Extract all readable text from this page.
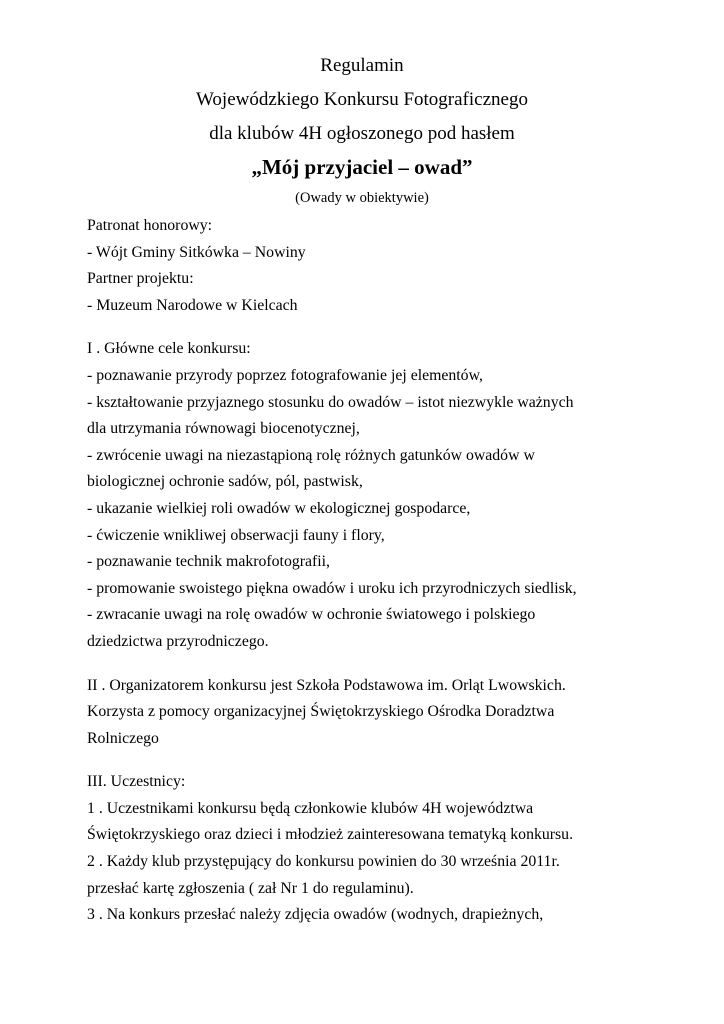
Regulamin
Wojewódzkiego Konkursu Fotograficznego
dla klubów 4H ogłoszonego pod hasłem
„Mój przyjaciel – owad”
(Owady w obiektywie)
Patronat honorowy:
- Wójt Gminy Sitkówka – Nowiny
Partner projektu:
- Muzeum Narodowe w Kielcach
I . Główne cele konkursu:
- poznawanie przyrody poprzez fotografowanie jej elementów,
- kształtowanie przyjaznego stosunku do owadów – istot niezwykle ważnych
dla utrzymania równowagi biocenotycznej,
- zwrócenie uwagi na niezastąpioną rolę różnych gatunków owadów w
biologicznej ochronie sadów, pól, pastwisk,
- ukazanie wielkiej roli owadów w ekologicznej gospodarce,
- ćwiczenie wnikliwej obserwacji fauny i flory,
- poznawanie technik makrofotografii,
- promowanie swoistego piękna owadów i uroku ich przyrodniczych siedlisk,
- zwracanie uwagi na rolę owadów w ochronie światowego i polskiego
dziedzictwa przyrodniczego.
II . Organizatorem konkursu jest Szkoła Podstawowa im. Orląt Lwowskich.
Korzysta z pomocy organizacyjnej Świętokrzyskiego Ośrodka Doradztwa
Rolniczego
III. Uczestnicy:
1 . Uczestnikami konkursu będą członkowie klubów 4H województwa
Świętokrzyskiego oraz dzieci i młodzież zainteresowana tematyką konkursu.
2 . Każdy klub przystępujący do konkursu powinien do 30 września 2011r.
przesłać kartę zgłoszenia ( zał Nr 1 do regulaminu).
3 . Na konkurs przesłać należy zdjęcia owadów (wodnych, drapieżnych,
